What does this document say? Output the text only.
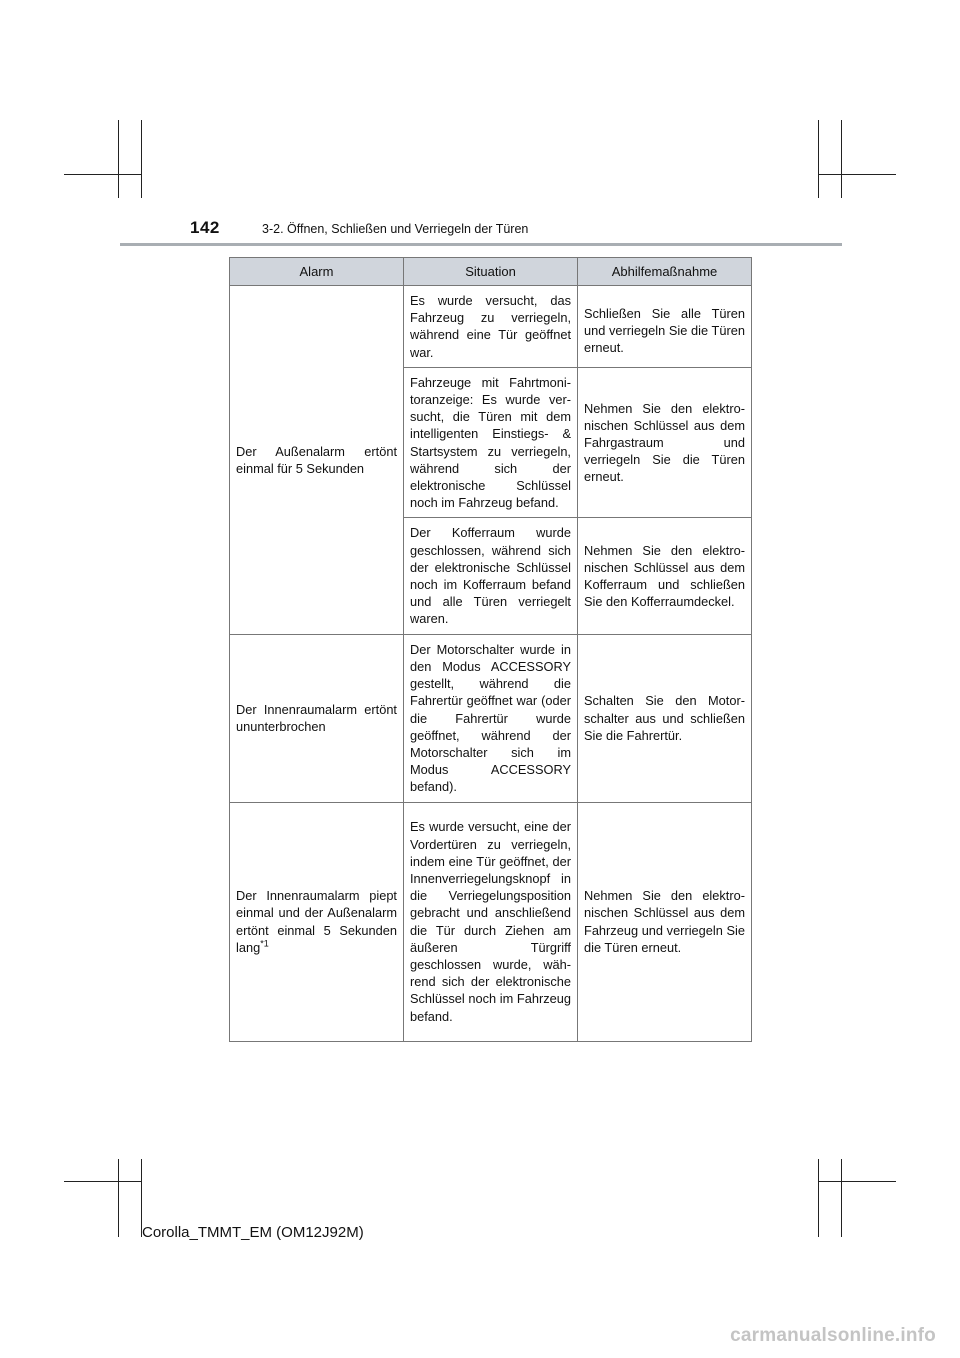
142	3-2. Öffnen, Schließen und Verriegeln der Türen
Alarm	Situation	Abhilfemaßnahme
Der Außenalarm ertönt einmal für 5 Sekunden	Es wurde versucht, das Fahrzeug zu verriegeln, während eine Tür geöffnet war.	Schließen Sie alle Türen und verriegeln Sie die Türen erneut.
	Fahrzeuge mit Fahrtmonitoranzeige: Es wurde versucht, die Türen mit dem intelligenten Einstiegs- & Startsystem zu verriegeln, während sich der elektronische Schlüssel noch im Fahrzeug befand.	Nehmen Sie den elektronischen Schlüssel aus dem Fahrgastraum und verriegeln Sie die Türen erneut.
	Der Kofferraum wurde geschlossen, während sich der elektronische Schlüssel noch im Kofferraum befand und alle Türen verriegelt waren.	Nehmen Sie den elektronischen Schlüssel aus dem Kofferraum und schließen Sie den Kofferraumdeckel.
Der Innenraumalarm ertönt ununterbrochen	Der Motorschalter wurde in den Modus ACCESSORY gestellt, während die Fahrertür geöffnet war (oder die Fahrertür wurde geöffnet, während der Motorschalter sich im Modus ACCESSORY befand).	Schalten Sie den Motorschalter aus und schließen Sie die Fahrertür.
Der Innenraumalarm piept einmal und der Außenalarm ertönt einmal 5 Sekunden lang$^{*1}$	Es wurde versucht, eine der Vordertüren zu verriegeln, indem eine Tür geöffnet, der Innenverriegelungsknopf in die Verriegelungsposition gebracht und anschließend die Tür durch Ziehen am äußeren Türgriff geschlossen wurde, während sich der elektronische Schlüssel noch im Fahrzeug befand.	Nehmen Sie den elektronischen Schlüssel aus dem Fahrzeug und verriegeln Sie die Türen erneut.
Corolla_TMMT_EM (OM12J92M)
carmanualsonline.info
